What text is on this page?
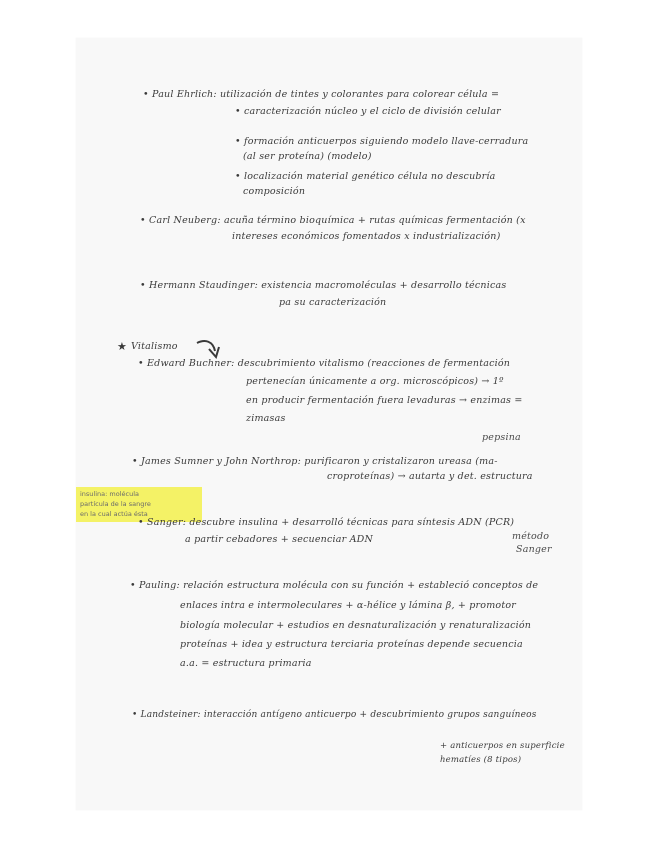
• Paul Ehrlich: utilización de tintes y colorantes para colorear célula =
• caracterización núcleo y el ciclo de división celular
• formación anticuerpos siguiendo modelo llave-cerradura
(al ser proteína) (modelo)
• localización material genético célula no descubría
composición
• Carl Neuberg: acuña término bioquímica + rutas químicas fermentación (x
intereses económicos fomentados x industrialización)
• Hermann Staudinger: existencia macromoléculas + desarrollo técnicas
pa su caracterización
★ Vitalismo
• Edward Buchner: descubrimiento vitalismo (reacciones de fermentación
pertenecían únicamente a org. microscópicos) → 1º
en producir fermentación fuera levaduras → enzimas =
zimasas
pepsina
• James Sumner y John Northrop: purificaron y cristalizaron ureasa (ma-
croproteínas) → autarta y det. estructura
insulina: molécula
partícula de la sangre
en la cual actúa ésta
• Sanger: descubre insulina + desarrolló técnicas para síntesis ADN (PCR)
a partir cebadores + secuenciar ADN	método
Sanger
• Pauling: relación estructura molécula con su función + estableció conceptos de
enlaces intra e intermoleculares + α-hélice y lámina β, + promotor
biología molecular + estudios en desnaturalización y renaturalización
proteínas + idea y estructura terciaria proteínas depende secuencia
a.a. = estructura primaria
• Landsteiner: interacción antígeno anticuerpo + descubrimiento grupos sanguíneos
+ anticuerpos en superficie
hematíes (8 tipos)
